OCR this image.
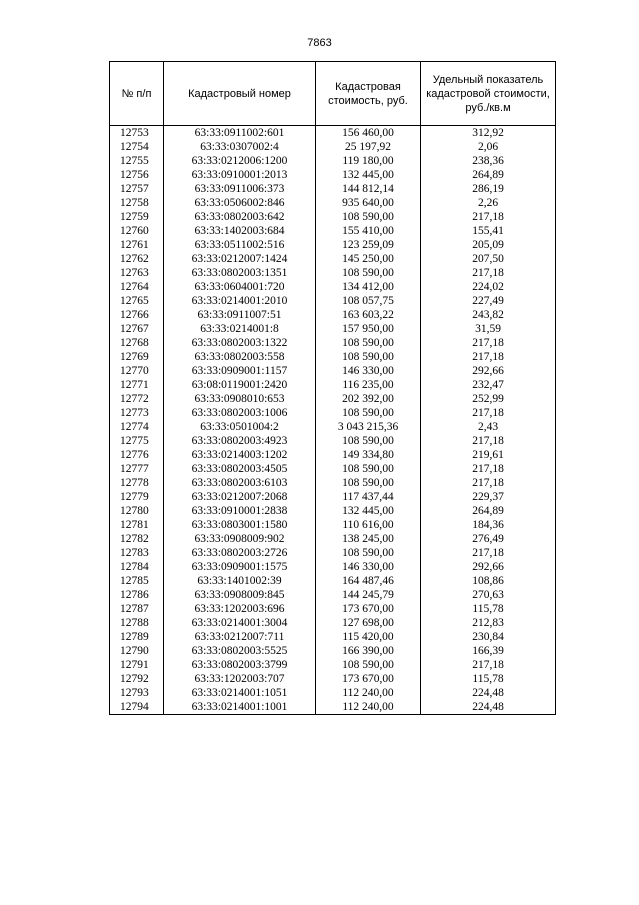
7863
№ п/п	Кадастровый номер	Кадастровая стоимость, руб.	Удельный показатель кадастровой стоимости, руб./кв.м
12753	63:33:0911002:601	156 460,00	312,92
12754	63:33:0307002:4	25 197,92	2,06
12755	63:33:0212006:1200	119 180,00	238,36
12756	63:33:0910001:2013	132 445,00	264,89
12757	63:33:0911006:373	144 812,14	286,19
12758	63:33:0506002:846	935 640,00	2,26
12759	63:33:0802003:642	108 590,00	217,18
12760	63:33:1402003:684	155 410,00	155,41
12761	63:33:0511002:516	123 259,09	205,09
12762	63:33:0212007:1424	145 250,00	207,50
12763	63:33:0802003:1351	108 590,00	217,18
12764	63:33:0604001:720	134 412,00	224,02
12765	63:33:0214001:2010	108 057,75	227,49
12766	63:33:0911007:51	163 603,22	243,82
12767	63:33:0214001:8	157 950,00	31,59
12768	63:33:0802003:1322	108 590,00	217,18
12769	63:33:0802003:558	108 590,00	217,18
12770	63:33:0909001:1157	146 330,00	292,66
12771	63:08:0119001:2420	116 235,00	232,47
12772	63:33:0908010:653	202 392,00	252,99
12773	63:33:0802003:1006	108 590,00	217,18
12774	63:33:0501004:2	3 043 215,36	2,43
12775	63:33:0802003:4923	108 590,00	217,18
12776	63:33:0214003:1202	149 334,80	219,61
12777	63:33:0802003:4505	108 590,00	217,18
12778	63:33:0802003:6103	108 590,00	217,18
12779	63:33:0212007:2068	117 437,44	229,37
12780	63:33:0910001:2838	132 445,00	264,89
12781	63:33:0803001:1580	110 616,00	184,36
12782	63:33:0908009:902	138 245,00	276,49
12783	63:33:0802003:2726	108 590,00	217,18
12784	63:33:0909001:1575	146 330,00	292,66
12785	63:33:1401002:39	164 487,46	108,86
12786	63:33:0908009:845	144 245,79	270,63
12787	63:33:1202003:696	173 670,00	115,78
12788	63:33:0214001:3004	127 698,00	212,83
12789	63:33:0212007:711	115 420,00	230,84
12790	63:33:0802003:5525	166 390,00	166,39
12791	63:33:0802003:3799	108 590,00	217,18
12792	63:33:1202003:707	173 670,00	115,78
12793	63:33:0214001:1051	112 240,00	224,48
12794	63:33:0214001:1001	112 240,00	224,48
